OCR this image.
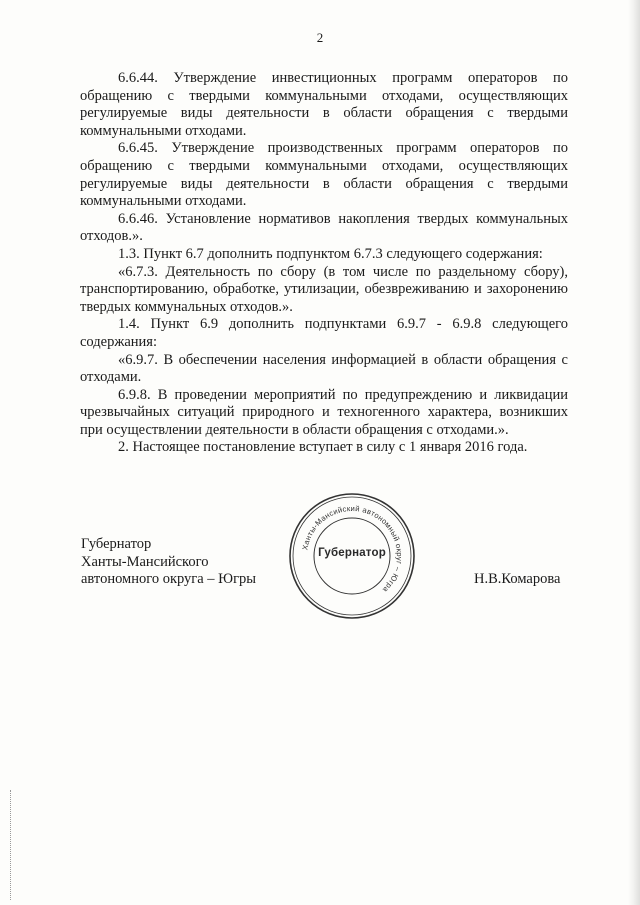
2

6.6.44. Утверждение инвестиционных программ операторов по обращению с твердыми коммунальными отходами, осуществляющих регулируемые виды деятельности в области обращения с твердыми коммунальными отходами.

6.6.45. Утверждение производственных программ операторов по обращению с твердыми коммунальными отходами, осуществляющих регулируемые виды деятельности в области обращения с твердыми коммунальными отходами.

6.6.46. Установление нормативов накопления твердых коммунальных отходов.».

1.3. Пункт 6.7 дополнить подпунктом 6.7.3 следующего содержания:

«6.7.3. Деятельность по сбору (в том числе по раздельному сбору), транспортированию, обработке, утилизации, обезвреживанию и захоронению твердых коммунальных отходов.».

1.4. Пункт 6.9 дополнить подпунктами 6.9.7 - 6.9.8 следующего содержания:

«6.9.7. В обеспечении населения информацией в области обращения с отходами.

6.9.8. В проведении мероприятий по предупреждению и ликвидации чрезвычайных ситуаций природного и техногенного характера, возникших при осуществлении деятельности в области обращения с отходами.».

2. Настоящее постановление вступает в силу с 1 января 2016 года.

Губернатор
Ханты-Мансийского
автономного округа – Югры
Ханты-Мансийский автономный округ – Югра
Губернатор
Н.В.Комарова
